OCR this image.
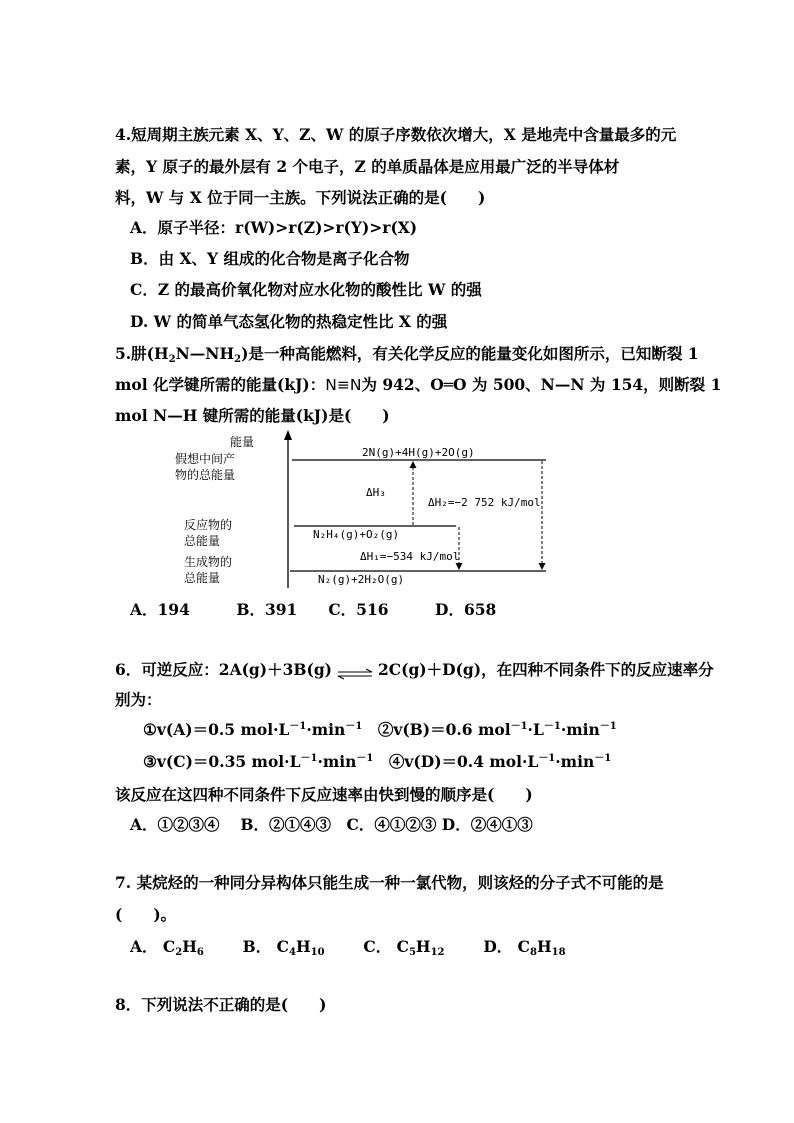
4.短周期主族元素 X、Y、Z、W 的原子序数依次增大，X 是地壳中含量最多的元
素，Y 原子的最外层有 2 个电子，Z 的单质晶体是应用最广泛的半导体材
料，W 与 X 位于同一主族。下列说法正确的是(　　)
A．原子半径：r(W)>r(Z)>r(Y)>r(X)
B．由 X、Y 组成的化合物是离子化合物
C．Z 的最高价氧化物对应水化物的酸性比 W 的强
D. W 的简单气态氢化物的热稳定性比 X 的强
5.肼$(H_2N—NH_2)$是一种高能燃料，有关化学反应的能量变化如图所示，已知断裂 1
mol 化学键所需的能量(kJ)：N≡N为 942、O═O 为 500、N—N 为 154，则断裂 1
mol N—H 键所需的能量(kJ)是(　　)
能量
假想中间产
物的总能量
反应物的
总能量
生成物的
总能量
2N(g)+4H(g)+2O(g)
N₂H₄(g)+O₂(g)
N₂(g)+2H₂O(g)
ΔH₃
ΔH₂=−2 752 kJ/mol
ΔH₁=−534 kJ/mol
A．194　　　B．391　　C．516　　　D．658
6．可逆反应：2A(g)＋3B(g) ⇌ 2C(g)＋D(g)，在四种不同条件下的反应速率分
别为：
①v(A)＝0.5 $mol\cdot L^{-1}\cdot\min^{-1}$　 ②v(B)＝0.6 $mol^{-1}\cdot L^{-1}\cdot\min^{-1}$
③v(C)＝0.35 $mol\cdot L^{-1}\cdot\min^{-1}$　 ④v(D)＝0.4 $mol\cdot L^{-1}\cdot\min^{-1}$
该反应在这四种不同条件下反应速率由快到慢的顺序是(　　)
A．①②③④　 B．②①④③　C．④①②③ D．②④①③
7. 某烷烃的一种同分异构体只能生成一种一氯代物，则该烃的分子式不可能的是
(　　)。
A． $C_2H_6$	B． $C_4H_{10}$	C． $C_5H_{12}$	D． $C_8H_{18}$
8．下列说法不正确的是(　　)
